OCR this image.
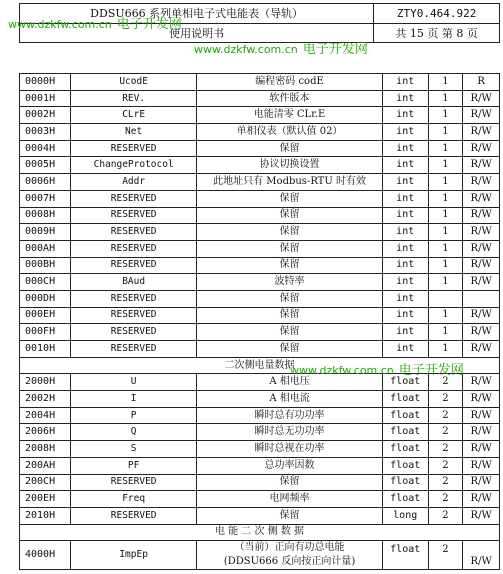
DDSU666 系列单相电子式电能表（导轨）	ZTY0.464.922
使用说明书	共 15 页 第 8 页
0000H	UcodE	编程密码 codE	int	1	R
0001H	REV.	软件版本	int	1	R/W
0002H	CLrE	电能清零 CLr.E	int	1	R/W
0003H	Net	单相仪表（默认值 02）	int	1	R/W
0004H	RESERVED	保留	int	1	R/W
0005H	ChangeProtocol	协议切换设置	int	1	R/W
0006H	Addr	此地址只有 Modbus-RTU 时有效	int	1	R/W
0007H	RESERVED	保留	int	1	R/W
0008H	RESERVED	保留	int	1	R/W
0009H	RESERVED	保留	int	1	R/W
000AH	RESERVED	保留	int	1	R/W
000BH	RESERVED	保留	int	1	R/W
000CH	BAud	波特率	int	1	R/W
000DH	RESERVED	保留	int		
000EH	RESERVED	保留	int	1	R/W
000FH	RESERVED	保留	int	1	R/W
0010H	RESERVED	保留	int	1	R/W
二次侧电量数据					
2000H	U	A 相电压	float	2	R/W
2002H	I	A 相电流	float	2	R/W
2004H	P	瞬时总有功功率	float	2	R/W
2006H	Q	瞬时总无功功率	float	2	R/W
2008H	S	瞬时总视在功率	float	2	R/W
200AH	PF	总功率因数	float	2	R/W
200CH	RESERVED	保留	float	2	R/W
200EH	Freq	电网频率	float	2	R/W
2010H	RESERVED	保留	long	2	R/W
电 能 二 次 侧 数 据					
4000H	ImpEp	（当前）正向有功总电能
(DDSU666 反向按正向计量)	float	2	R/W
www.dzkfw.com.cn 电子开发网
www.dzkfw.com.cn 电子开发网
www.dzkfw.com.cn 电子开发网
